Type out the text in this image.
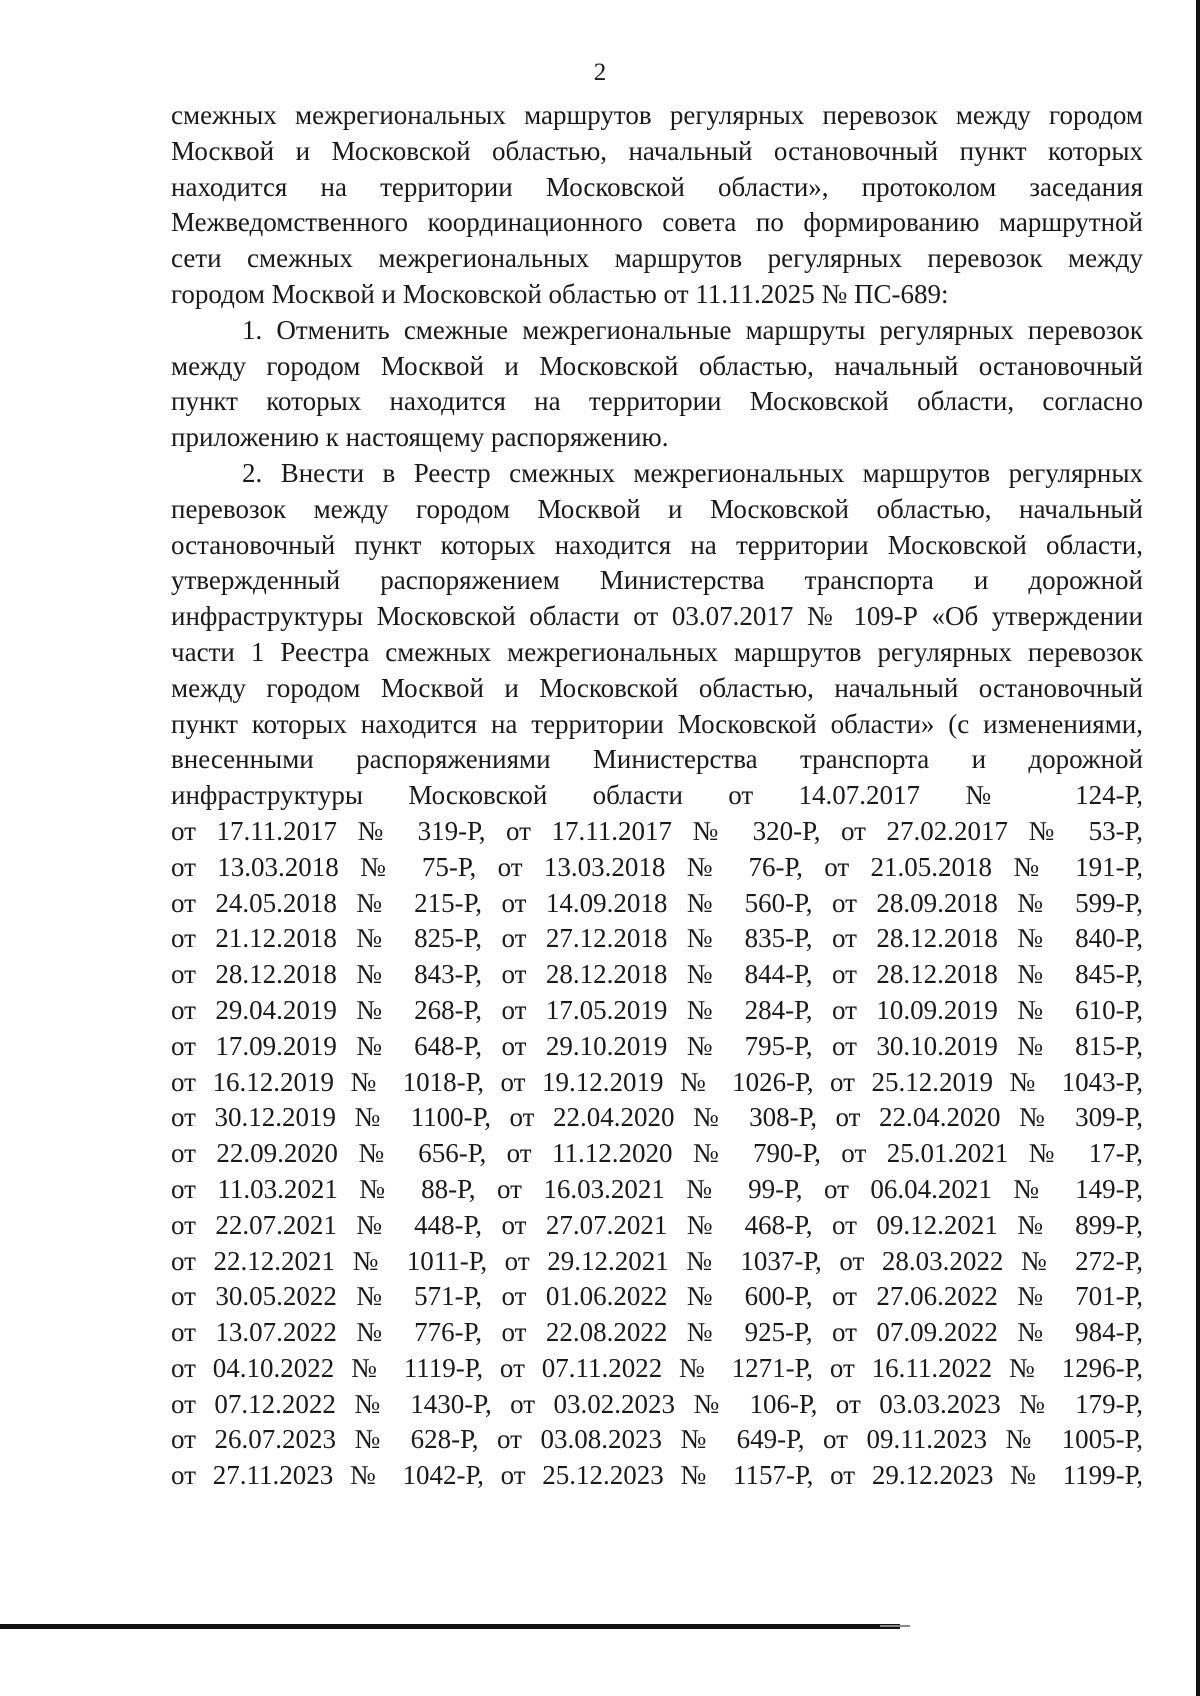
2
смежных межрегиональных маршрутов регулярных перевозок между городом
Москвой и Московской областью, начальный остановочный пункт которых
находится на территории Московской области», протоколом заседания
Межведомственного координационного совета по формированию маршрутной
сети смежных межрегиональных маршрутов регулярных перевозок между
городом Москвой и Московской областью от 11.11.2025 № ПС-689:
1. Отменить смежные межрегиональные маршруты регулярных перевозок
между городом Москвой и Московской областью, начальный остановочный
пункт которых находится на территории Московской области, согласно
приложению к настоящему распоряжению.
2. Внести в Реестр смежных межрегиональных маршрутов регулярных
перевозок между городом Москвой и Московской областью, начальный
остановочный пункт которых находится на территории Московской области,
утвержденный распоряжением Министерства транспорта и дорожной
инфраструктуры Московской области от 03.07.2017 № 109-Р «Об утверждении
части 1 Реестра смежных межрегиональных маршрутов регулярных перевозок
между городом Москвой и Московской областью, начальный остановочный
пункт которых находится на территории Московской области» (с изменениями,
внесенными распоряжениями Министерства транспорта и дорожной
инфраструктуры Московской области от 14.07.2017 № 124-Р,
от 17.11.2017 № 319-Р, от 17.11.2017 № 320-Р, от 27.02.2017 № 53-Р,
от 13.03.2018 № 75-Р, от 13.03.2018 № 76-Р, от 21.05.2018 № 191-Р,
от 24.05.2018 № 215-Р, от 14.09.2018 № 560-Р, от 28.09.2018 № 599-Р,
от 21.12.2018 № 825-Р, от 27.12.2018 № 835-Р, от 28.12.2018 № 840-Р,
от 28.12.2018 № 843-Р, от 28.12.2018 № 844-Р, от 28.12.2018 № 845-Р,
от 29.04.2019 № 268-Р, от 17.05.2019 № 284-Р, от 10.09.2019 № 610-Р,
от 17.09.2019 № 648-Р, от 29.10.2019 № 795-Р, от 30.10.2019 № 815-Р,
от 16.12.2019 № 1018-Р, от 19.12.2019 № 1026-Р, от 25.12.2019 № 1043-Р,
от 30.12.2019 № 1100-Р, от 22.04.2020 № 308-Р, от 22.04.2020 № 309-Р,
от 22.09.2020 № 656-Р, от 11.12.2020 № 790-Р, от 25.01.2021 № 17-Р,
от 11.03.2021 № 88-Р, от 16.03.2021 № 99-Р, от 06.04.2021 № 149-Р,
от 22.07.2021 № 448-Р, от 27.07.2021 № 468-Р, от 09.12.2021 № 899-Р,
от 22.12.2021 № 1011-Р, от 29.12.2021 № 1037-Р, от 28.03.2022 № 272-Р,
от 30.05.2022 № 571-Р, от 01.06.2022 № 600-Р, от 27.06.2022 № 701-Р,
от 13.07.2022 № 776-Р, от 22.08.2022 № 925-Р, от 07.09.2022 № 984-Р,
от 04.10.2022 № 1119-Р, от 07.11.2022 № 1271-Р, от 16.11.2022 № 1296-Р,
от 07.12.2022 № 1430-Р, от 03.02.2023 № 106-Р, от 03.03.2023 № 179-Р,
от 26.07.2023 № 628-Р, от 03.08.2023 № 649-Р, от 09.11.2023 № 1005-Р,
от 27.11.2023 № 1042-Р, от 25.12.2023 № 1157-Р, от 29.12.2023 № 1199-Р,
